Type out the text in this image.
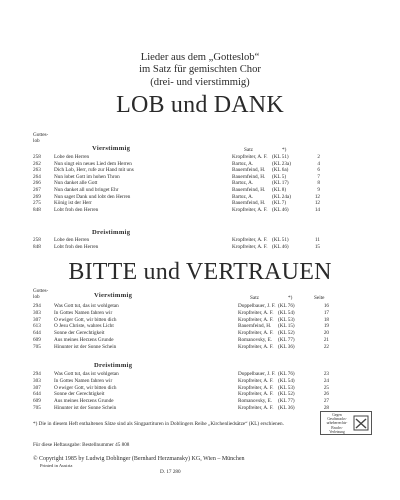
Lieder aus dem „Gotteslob“
im Satz für gemischten Chor
(drei- und vierstimmig)
LOB und DANK
Gottes-
lob
Vierstimmig	Satz	*)
258	Lobe den Herren	Kropfreiter, A. F. (KL 51)	2
262	Nun singt ein neues Lied dem Herren	Bartoz, A.	(KL 23a)	4
263	Dich Lob, Herr, rufe zur Hand mit uns	Bauernfeind, H. (KL 6a)	6
264	Nun lobet Gott im hohen Thron	Bauernfeind, H. (KL 5)	7
266	Nun danket alle Gott	Bartoz, A.	(KL 17)	8
267	Nun danket all und bringet Ehr	Bauernfeind, H. (KL 8)	9
269	Nun saget Dank und lobt den Herren	Bartoz, A.	(KL 24a)	12
275	König ist der Herr	Bauernfeind, H. (KL 7)	12
848	Lobt froh den Herren	Kropfreiter, A. F. (KL 46)	14
Dreistimmig
258	Lobe den Herren	Kropfreiter, A. F. (KL 51)	11
848	Lobt froh den Herren	Kropfreiter, A. F. (KL 46)	15
BITTE und VERTRAUEN
Gottes-
lob	Vierstimmig	Satz	*)	Seite
294	Was Gott tut, das ist wohlgetan	Doppelbauer, J. F. (KL 76)	16
303	In Gottes Namen fahren wir	Kropfreiter, A. F. (KL 54)	17
307	O ewiger Gott, wir bitten dich	Kropfreiter, A. F. (KL 53)	18
613	O Jesu Christe, wahres Licht	Bauernfeind, H. (KL 15)	19
644	Sonne der Gerechtigkeit	Kropfreiter, A. F. (KL 52)	20
609	Aus meines Herzens Grunde	Romanovsky, E. (KL 77)	21
705	Hinunter ist der Sonne Schein	Kropfreiter, A. F. (KL 36)	22
Dreistimmig
294	Was Gott tut, das ist wohlgetan	Doppelbauer, J. F. (KL 76)	23
303	In Gottes Namen fahren wir	Kropfreiter, A. F. (KL 54)	24
307	O ewiger Gott, wir bitten dich	Kropfreiter, A. F. (KL 53)	25
644	Sonne der Gerechtigkeit	Kropfreiter, A. F. (KL 52)	26
609	Aus meines Herzens Grunde	Romanovsky, E. (KL 77)	27
705	Hinunter ist der Sonne Schein	Kropfreiter, A. F. (KL 36)	28
*) Die in diesem Heft enthaltenen Sätze sind als Singpartituren in Doblingers Reihe „Kirchenliedsätze“ (KL) erschienen.
Für diese Heftausgabe: Bestellnummer 45 808
© Copyright 1985 by Ludwig Doblinger (Bernhard Herzmansky) KG, Wien – München
Printed in Austria
D. 17 280
Gegen
Geschmacks-
urheberrechts-
Bruchs-
Verletzung
